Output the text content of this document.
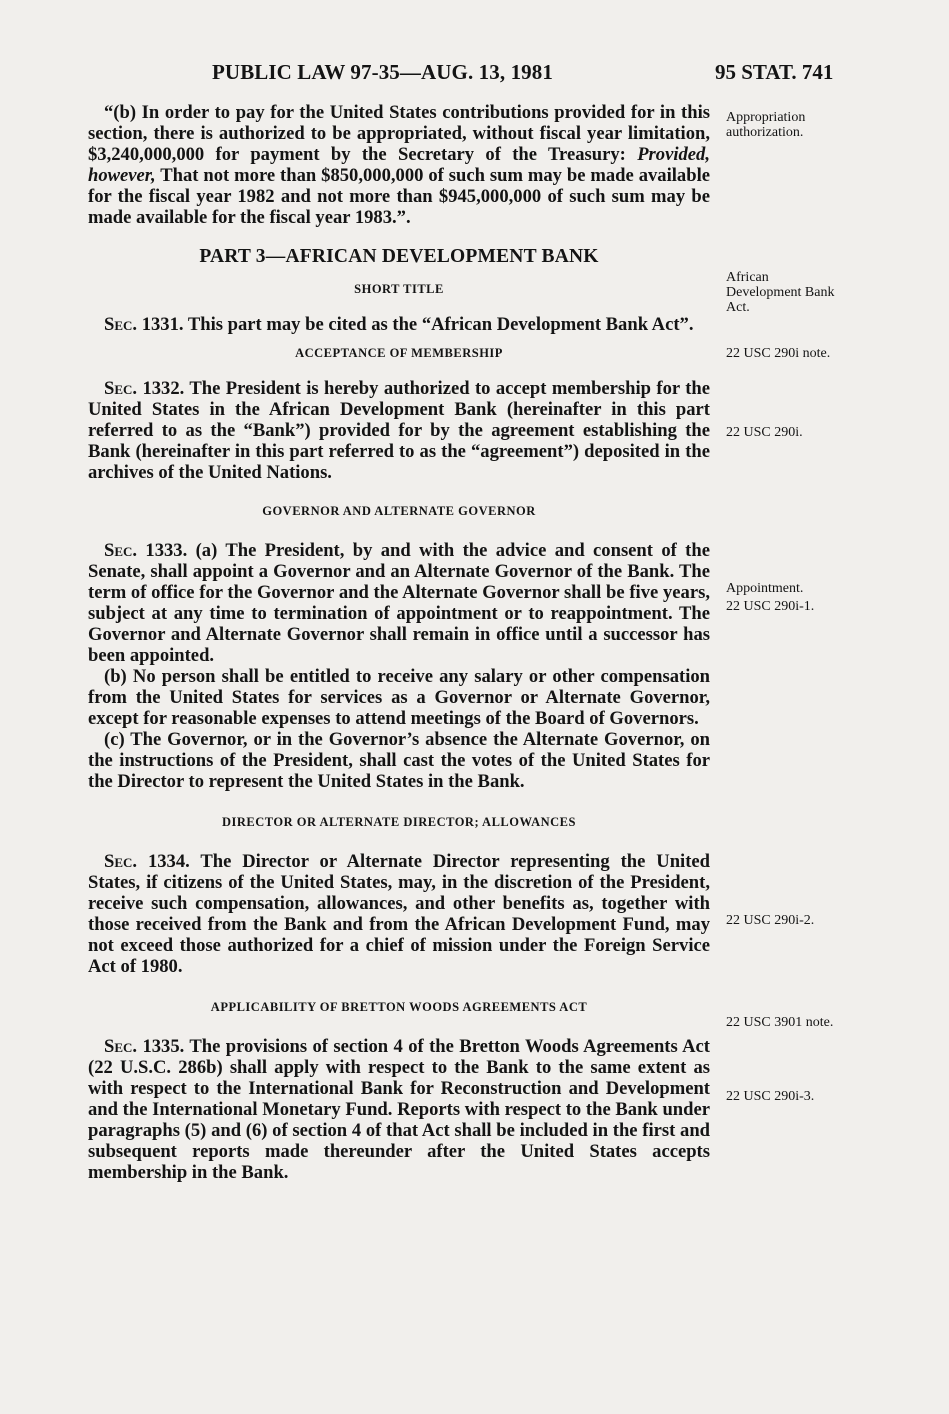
PUBLIC LAW 97-35—AUG. 13, 1981	95 STAT. 741

“(b) In order to pay for the United States contributions provided for in this section, there is authorized to be appropriated, without fiscal year limitation, $3,240,000,000 for payment by the Secretary of the Treasury: Provided, however, That not more than $850,000,000 of such sum may be made available for the fiscal year 1982 and not more than $945,000,000 of such sum may be made available for the fiscal year 1983.”.

PART 3—AFRICAN DEVELOPMENT BANK
SHORT TITLE

Sec. 1331. This part may be cited as the “African Development Bank Act”.

ACCEPTANCE OF MEMBERSHIP

Sec. 1332. The President is hereby authorized to accept membership for the United States in the African Development Bank (hereinafter in this part referred to as the “Bank”) provided for by the agreement establishing the Bank (hereinafter in this part referred to as the “agreement”) deposited in the archives of the United Nations.

GOVERNOR AND ALTERNATE GOVERNOR

Sec. 1333. (a) The President, by and with the advice and consent of the Senate, shall appoint a Governor and an Alternate Governor of the Bank. The term of office for the Governor and the Alternate Governor shall be five years, subject at any time to termination of appointment or to reappointment. The Governor and Alternate Governor shall remain in office until a successor has been appointed.

(b) No person shall be entitled to receive any salary or other compensation from the United States for services as a Governor or Alternate Governor, except for reasonable expenses to attend meetings of the Board of Governors.

(c) The Governor, or in the Governor’s absence the Alternate Governor, on the instructions of the President, shall cast the votes of the United States for the Director to represent the United States in the Bank.

DIRECTOR OR ALTERNATE DIRECTOR; ALLOWANCES

Sec. 1334. The Director or Alternate Director representing the United States, if citizens of the United States, may, in the discretion of the President, receive such compensation, allowances, and other benefits as, together with those received from the Bank and from the African Development Fund, may not exceed those authorized for a chief of mission under the Foreign Service Act of 1980.

APPLICABILITY OF BRETTON WOODS AGREEMENTS ACT

Sec. 1335. The provisions of section 4 of the Bretton Woods Agreements Act (22 U.S.C. 286b) shall apply with respect to the Bank to the same extent as with respect to the International Bank for Reconstruction and Development and the International Monetary Fund. Reports with respect to the Bank under paragraphs (5) and (6) of section 4 of that Act shall be included in the first and subsequent reports made thereunder after the United States accepts membership in the Bank.

Appropriation authorization.
African Development Bank Act.
22 USC 290i note.
22 USC 290i.
Appointment.
22 USC 290i-1.
22 USC 290i-2.
22 USC 3901 note.
22 USC 290i-3.
